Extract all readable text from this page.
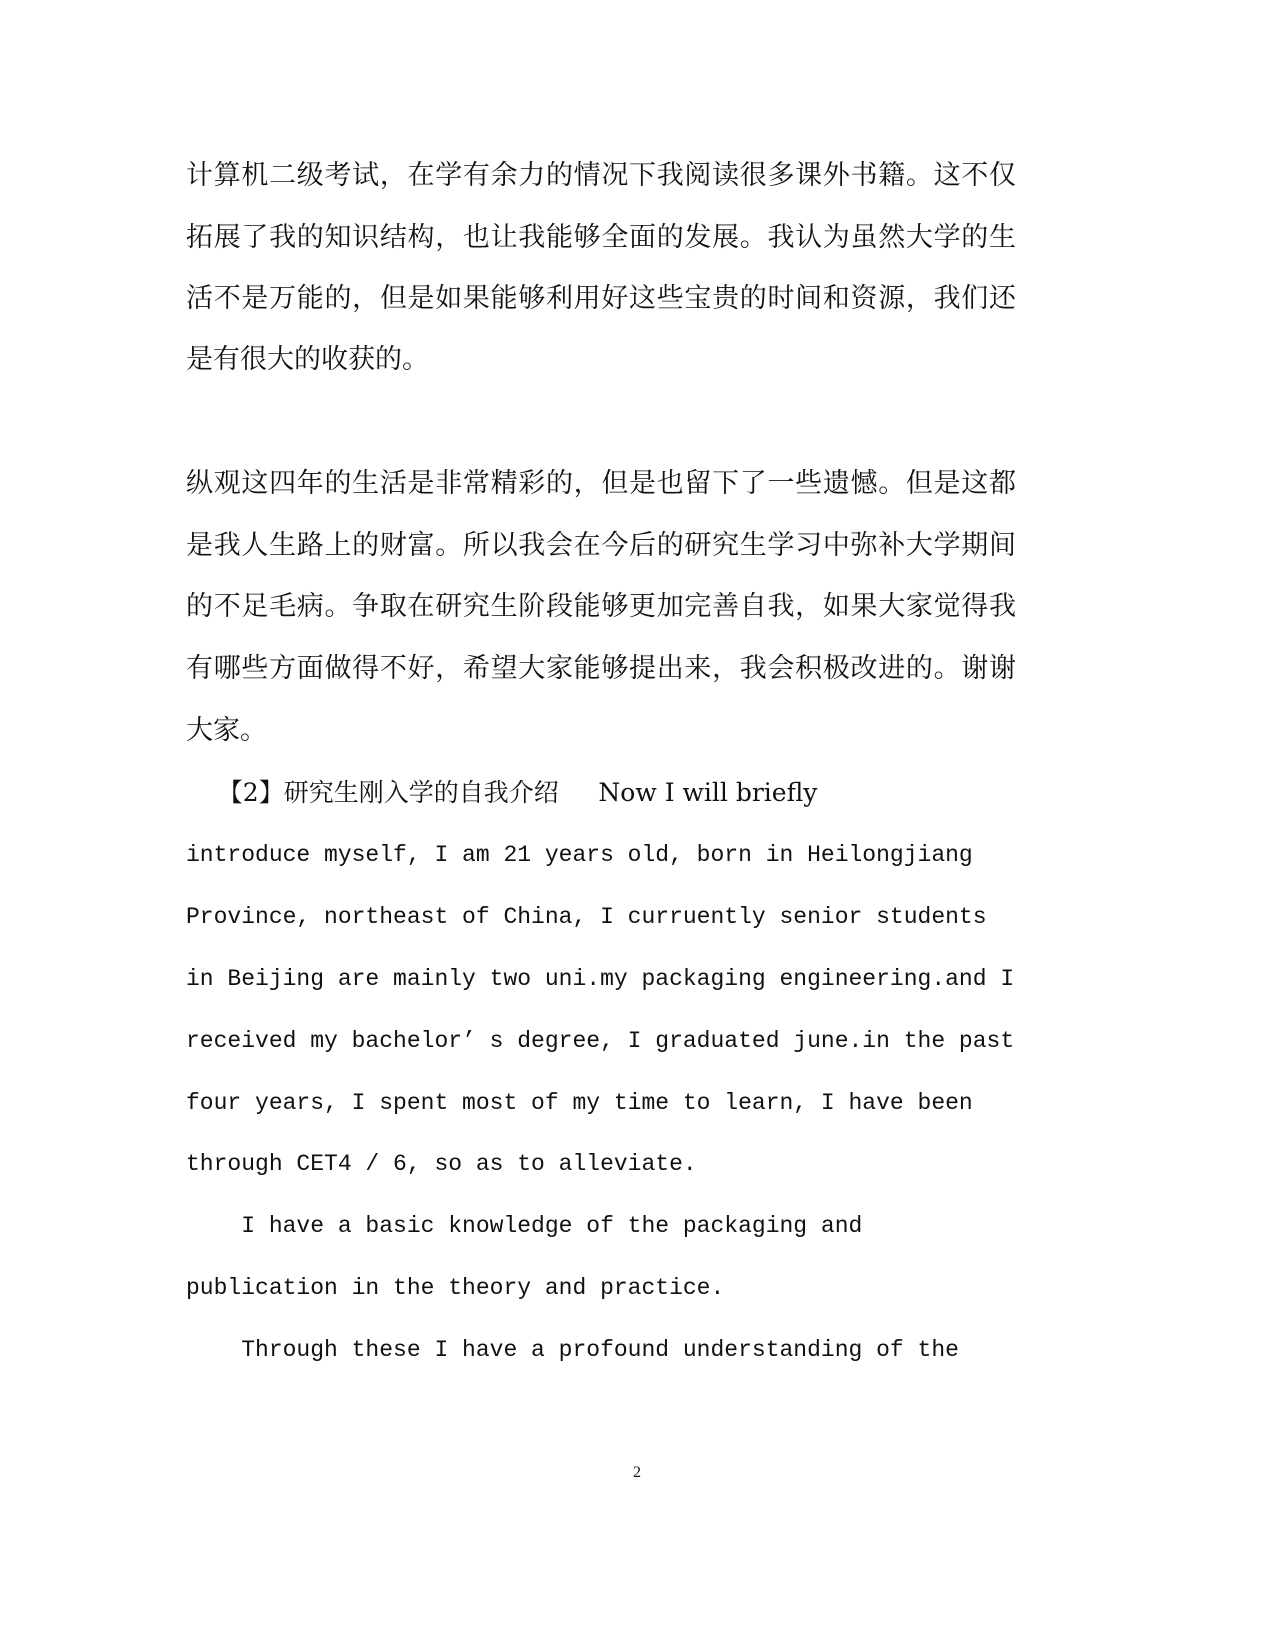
计算机二级考试，在学有余力的情况下我阅读很多课外书籍。这不仅
拓展了我的知识结构，也让我能够全面的发展。我认为虽然大学的生
活不是万能的，但是如果能够利用好这些宝贵的时间和资源，我们还
是有很大的收获的。
纵观这四年的生活是非常精彩的，但是也留下了一些遗憾。但是这都
是我人生路上的财富。所以我会在今后的研究生学习中弥补大学期间
的不足毛病。争取在研究生阶段能够更加完善自我，如果大家觉得我
有哪些方面做得不好，希望大家能够提出来，我会积极改进的。谢谢
大家。
【2】研究生刚入学的自我介绍     Now I will briefly
introduce myself, I am 21 years old, born in Heilongjiang
Province, northeast of China, I curruently senior students
in Beijing are mainly two uni.my packaging engineering.and I
received my bachelor’ s degree, I graduated june.in the past
four years, I spent most of my time to learn, I have been
through CET4 / 6, so as to alleviate.
I have a basic knowledge of the packaging and
publication in the theory and practice.
Through these I have a profound understanding of the
2
